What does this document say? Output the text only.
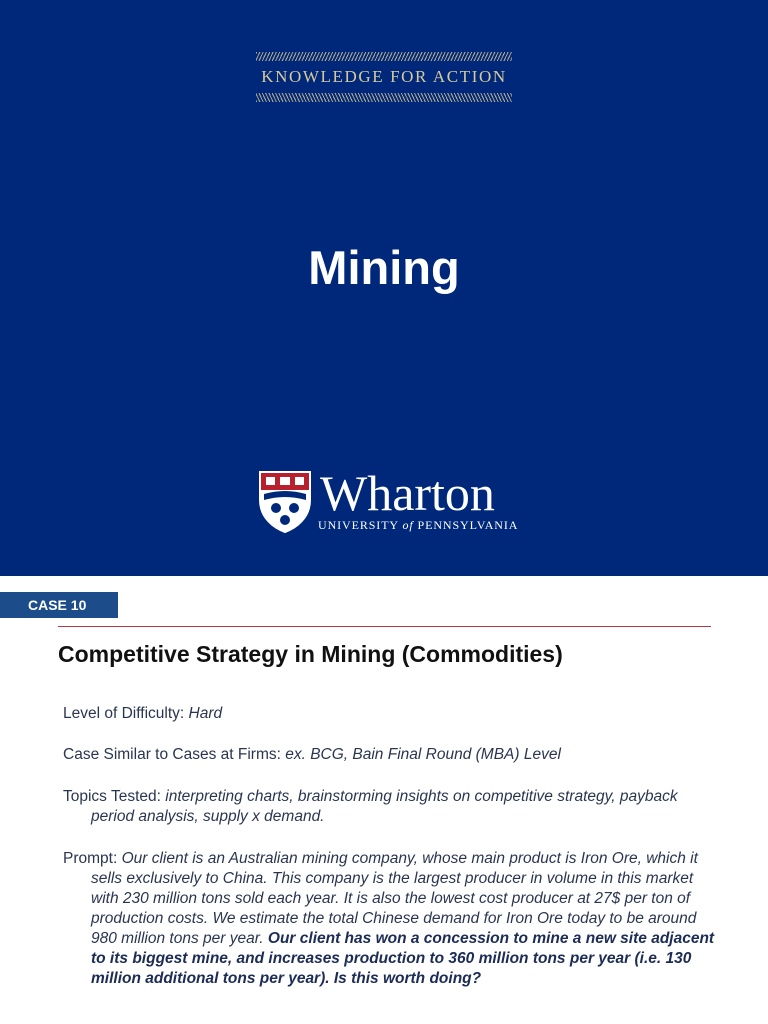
KNOWLEDGE FOR ACTION
Mining
Wharton
UNIVERSITY of PENNSYLVANIA
CASE 10
Competitive Strategy in Mining (Commodities)
Level of Difficulty: Hard
Case Similar to Cases at Firms: ex. BCG, Bain Final Round (MBA) Level
Topics Tested: interpreting charts, brainstorming insights on competitive strategy, payback period analysis, supply x demand.
Prompt: Our client is an Australian mining company, whose main product is Iron Ore, which it sells exclusively to China. This company is the largest producer in volume in this market with 230 million tons sold each year. It is also the lowest cost producer at 27$ per ton of production costs. We estimate the total Chinese demand for Iron Ore today to be around 980 million tons per year. Our client has won a concession to mine a new site adjacent to its biggest mine, and increases production to 360 million tons per year (i.e. 130 million additional tons per year). Is this worth doing?
